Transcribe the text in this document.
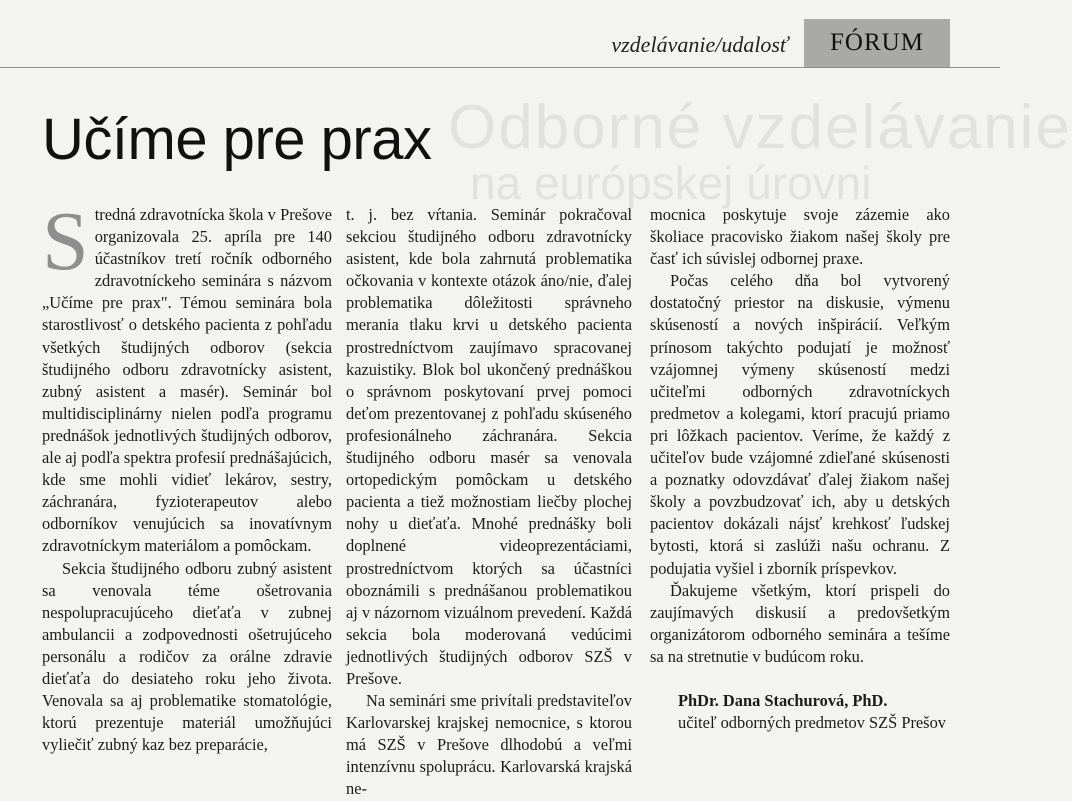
Odborné vzdelávanie
na európskej úrovni
vzdelávanie/udalosť FÓRUM
Učíme pre prax

Stredná zdravotnícka škola v Prešove organizovala 25. apríla pre 140 účastníkov tretí ročník odborného zdravotníckeho seminára s názvom „Učíme pre prax". Témou seminára bola starostlivosť o detského pacienta z pohľadu všetkých študijných odborov (sekcia študijného odboru zdravotnícky asistent, zubný asistent a masér). Seminár bol multidisciplinárny nielen podľa programu prednášok jednotlivých študijných odborov, ale aj podľa spektra profesií prednášajúcich, kde sme mohli vidieť lekárov, sestry, záchranára, fyzioterapeutov alebo odborníkov venujúcich sa inovatívnym zdravotníckym materiálom a pomôckam.

Sekcia študijného odboru zubný asistent sa venovala téme ošetrovania nespolupracujúceho dieťaťa v zubnej ambulancii a zodpovednosti ošetrujúceho personálu a rodičov za orálne zdravie dieťaťa do desiateho roku jeho života. Venovala sa aj problematike stomatológie, ktorú prezentuje materiál umožňujúci vyliečiť zubný kaz bez preparácie,

t. j. bez vŕtania. Seminár pokračoval sekciou študijného odboru zdravotnícky asistent, kde bola zahrnutá problematika očkovania v kontexte otázok áno/nie, ďalej problematika dôležitosti správneho merania tlaku krvi u detského pacienta prostredníctvom zaujímavo spracovanej kazuistiky. Blok bol ukončený prednáškou o správnom poskytovaní prvej pomoci deťom prezentovanej z pohľadu skúseného profesionálneho záchranára. Sekcia študijného odboru masér sa venovala ortopedickým pomôckam u detského pacienta a tiež možnostiam liečby plochej nohy u dieťaťa. Mnohé prednášky boli doplnené videoprezentáciami, prostredníctvom ktorých sa účastníci oboznámili s prednášanou problematikou aj v názornom vizuálnom prevedení. Každá sekcia bola moderovaná vedúcimi jednotlivých študijných odborov SZŠ v Prešove.

Na seminári sme privítali predstaviteľov Karlovarskej krajskej nemocnice, s ktorou má SZŠ v Prešove dlhodobú a veľmi intenzívnu spoluprácu. Karlovarská krajská ne-

mocnica poskytuje svoje zázemie ako školiace pracovisko žiakom našej školy pre časť ich súvislej odbornej praxe.

Počas celého dňa bol vytvorený dostatočný priestor na diskusie, výmenu skúseností a nových inšpirácií. Veľkým prínosom takýchto podujatí je možnosť vzájomnej výmeny skúseností medzi učiteľmi odborných zdravotníckych predmetov a kolegami, ktorí pracujú priamo pri lôžkach pacientov. Veríme, že každý z učiteľov bude vzájomné zdieľané skúsenosti a poznatky odovzdávať ďalej žiakom našej školy a povzbudzovať ich, aby u detských pacientov dokázali nájsť krehkosť ľudskej bytosti, ktorá si zaslúži našu ochranu. Z podujatia vyšiel i zborník príspevkov.

Ďakujeme všetkým, ktorí prispeli do zaujímavých diskusií a predovšetkým organizátorom odborného seminára a tešíme sa na stretnutie v budúcom roku.

PhDr. Dana Stachurová, PhD.

učiteľ odborných predmetov SZŠ Prešov
